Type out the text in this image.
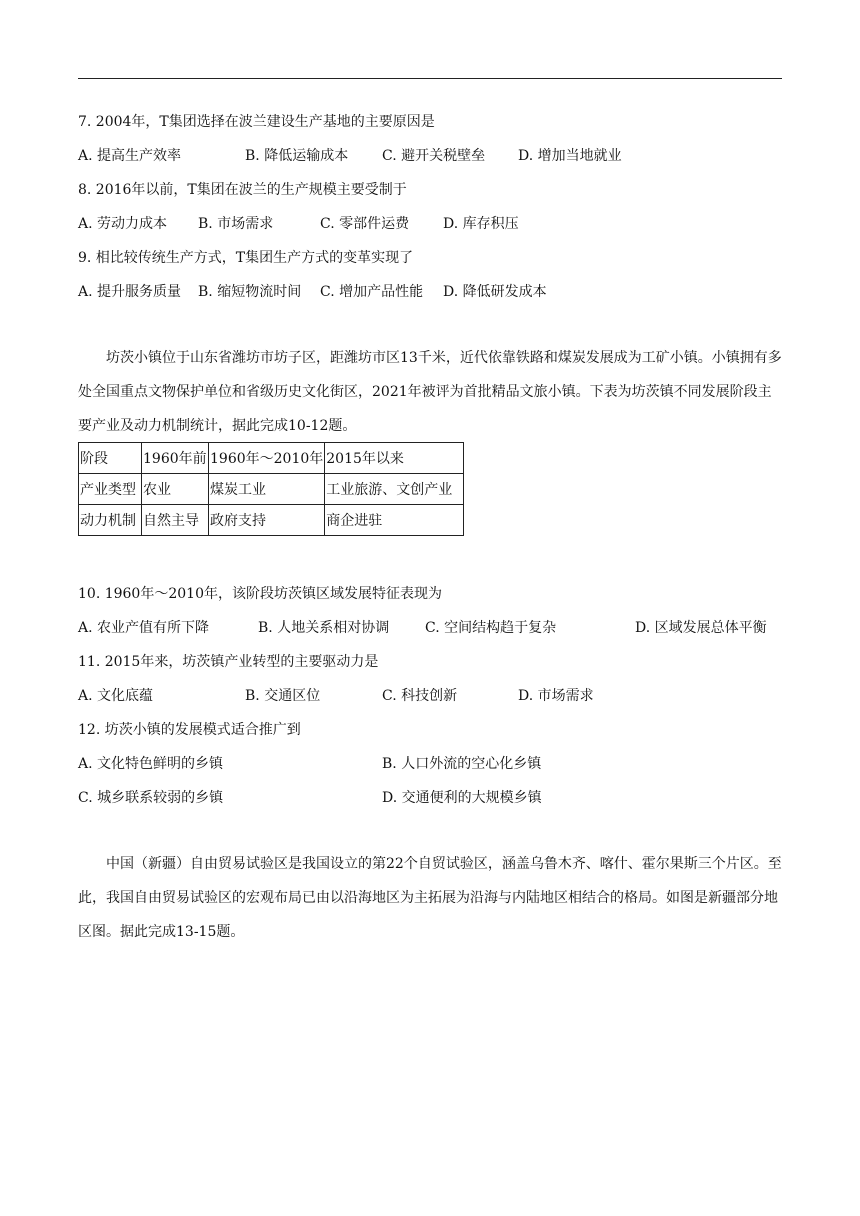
7. 2004年，T集团选择在波兰建设生产基地的主要原因是
A. 提高生产效率	B. 降低运输成本 C. 避开关税壁垒 D. 增加当地就业
8. 2016年以前，T集团在波兰的生产规模主要受制于
A. 劳动力成本 B. 市场需求	C. 零部件运费 D. 库存积压
9. 相比较传统生产方式，T集团生产方式的变革实现了
A. 提升服务质量 B. 缩短物流时间 C. 增加产品性能 D. 降低研发成本

坊茨小镇位于山东省潍坊市坊子区，距潍坊市区13千米，近代依靠铁路和煤炭发展成为工矿小镇。小镇拥有多处全国重点文物保护单位和省级历史文化街区，2021年被评为首批精品文旅小镇。下表为坊茨镇不同发展阶段主要产业及动力机制统计，据此完成10-12题。

阶段	1960年前	1960年～2010年	2015年以来
产业类型	农业	煤炭工业	工业旅游、文创产业
动力机制	自然主导	政府支持	商企进驻
10. 1960年～2010年，该阶段坊茨镇区域发展特征表现为
A. 农业产值有所下降	B. 人地关系相对协调	C. 空间结构趋于复杂	D. 区域发展总体平衡
11. 2015年来，坊茨镇产业转型的主要驱动力是
A. 文化底蕴	B. 交通区位	C. 科技创新	D. 市场需求
12. 坊茨小镇的发展模式适合推广到
A. 文化特色鲜明的乡镇	B. 人口外流的空心化乡镇
C. 城乡联系较弱的乡镇	D. 交通便利的大规模乡镇

中国（新疆）自由贸易试验区是我国设立的第22个自贸试验区，涵盖乌鲁木齐、喀什、霍尔果斯三个片区。至此，我国自由贸易试验区的宏观布局已由以沿海地区为主拓展为沿海与内陆地区相结合的格局。如图是新疆部分地区图。据此完成13-15题。
